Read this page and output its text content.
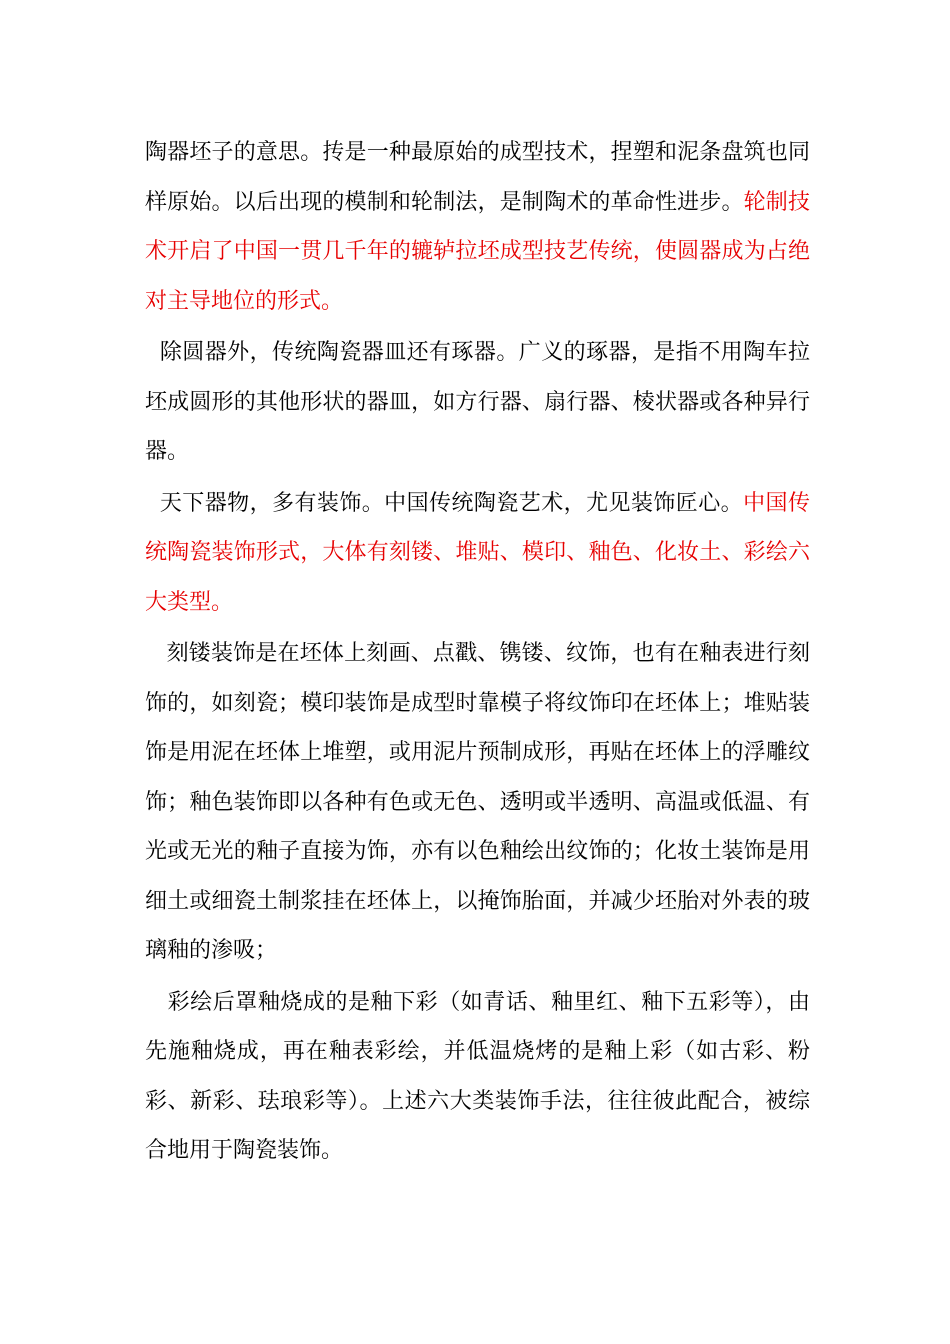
陶器坯子的意思。抟是一种最原始的成型技术，捏塑和泥条盘筑也同样原始。以后出现的模制和轮制法，是制陶术的革命性进步。轮制技术开启了中国一贯几千年的辘轳拉坯成型技艺传统，使圆器成为占绝对主导地位的形式。

除圆器外，传统陶瓷器皿还有琢器。广义的琢器，是指不用陶车拉坯成圆形的其他形状的器皿，如方行器、扇行器、棱状器或各种异行器。

天下器物，多有装饰。中国传统陶瓷艺术，尤见装饰匠心。中国传统陶瓷装饰形式，大体有刻镂、堆贴、模印、釉色、化妆土、彩绘六大类型。

刻镂装饰是在坯体上刻画、点戳、镌镂、纹饰，也有在釉表进行刻饰的，如刻瓷；模印装饰是成型时靠模子将纹饰印在坯体上；堆贴装饰是用泥在坯体上堆塑，或用泥片预制成形，再贴在坯体上的浮雕纹饰；釉色装饰即以各种有色或无色、透明或半透明、高温或低温、有光或无光的釉子直接为饰，亦有以色釉绘出纹饰的；化妆土装饰是用细土或细瓷土制浆挂在坯体上，以掩饰胎面，并减少坯胎对外表的玻璃釉的渗吸；

彩绘后罩釉烧成的是釉下彩（如青话、釉里红、釉下五彩等），由先施釉烧成，再在釉表彩绘，并低温烧烤的是釉上彩（如古彩、粉彩、新彩、珐琅彩等）。上述六大类装饰手法，往往彼此配合，被综合地用于陶瓷装饰。
